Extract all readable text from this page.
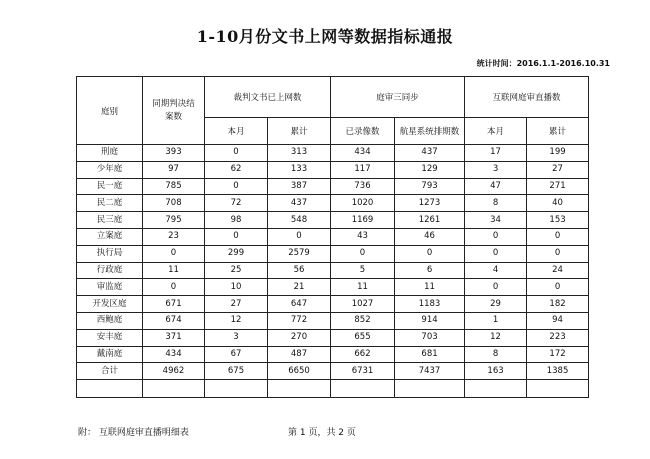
1-10月份文书上网等数据指标通报
统计时间：2016.1.1-2016.10.31
庭别	同期判决结案数	裁判文书已上网数		庭审三同步		互联网庭审直播数	
		本月	累计	已录像数	航星系统排期数	本月	累计
刑庭	393	0	313	434	437	17	199
少年庭	97	62	133	117	129	3	27
民一庭	785	0	387	736	793	47	271
民二庭	708	72	437	1020	1273	8	40
民三庭	795	98	548	1169	1261	34	153
立案庭	23	0	0	43	46	0	0
执行局	0	299	2579	0	0	0	0
行政庭	11	25	56	5	6	4	24
审监庭	0	10	21	11	11	0	0
开发区庭	671	27	647	1027	1183	29	182
西鲍庭	674	12	772	852	914	1	94
安丰庭	371	3	270	655	703	12	223
戴南庭	434	67	487	662	681	8	172
合计	4962	675	6650	6731	7437	163	1385

附： 互联网庭审直播明细表	第 1 页，共 2 页
